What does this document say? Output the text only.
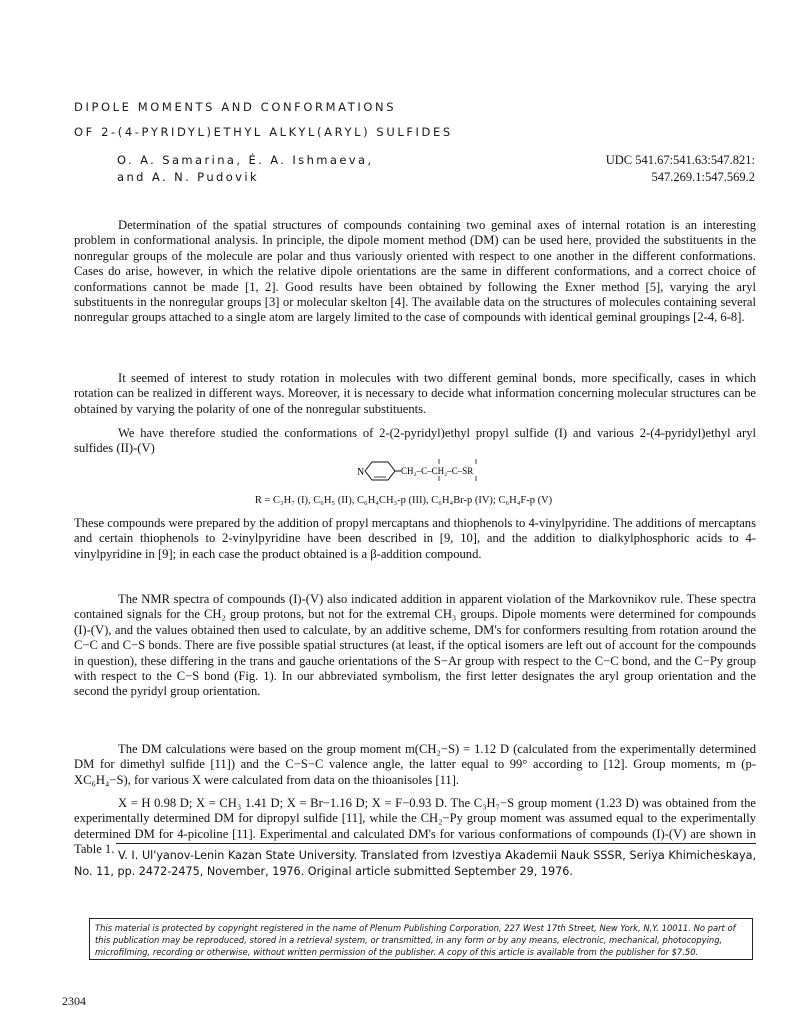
DIPOLE MOMENTS AND CONFORMATIONS
OF 2-(4-PYRIDYL)ETHYL ALKYL(ARYL) SULFIDES
O. A. Samarina, É. A. Ishmaeva,
and A. N. Pudovik
UDC 541.67:541.63:547.821:
547.269.1:547.569.2

Determination of the spatial structures of compounds containing two geminal axes of internal rotation is an interesting problem in conformational analysis. In principle, the dipole moment method (DM) can be used here, provided the substituents in the nonregular groups of the molecule are polar and thus variously oriented with respect to one another in the different conformations. Cases do arise, however, in which the relative dipole orientations are the same in different conformations, and a correct choice of conformations cannot be made [1, 2]. Good results have been obtained by following the Exner method [5], varying the aryl substituents in the nonregular groups [3] or molecular skelton [4]. The available data on the structures of molecules containing several nonregular groups attached to a single atom are largely limited to the case of compounds with identical geminal groupings [2-4, 6-8].

It seemed of interest to study rotation in molecules with two different geminal bonds, more specifically, cases in which rotation can be realized in different ways. Moreover, it is necessary to decide what information concerning molecular structures can be obtained by varying the polarity of one of the nonregular substituents.

We have therefore studied the conformations of 2-(2-pyridyl)ethyl propyl sulfide (I) and various 2-(4-pyridyl)ethyl aryl sulfides (II)-(V)

N	CH₂–C–CH₂–C–SR
R = C₃H₇ (I), C₆H₅ (II), C₆H₄CH₃-p (III), C₆H₄Br-p (IV); C₆H₄F-p (V)

These compounds were prepared by the addition of propyl mercaptans and thiophenols to 4-vinylpyridine. The additions of mercaptans and certain thiophenols to 2-vinylpyridine have been described in [9, 10], and the addition to dialkylphosphoric acids to 4-vinylpyridine in [9]; in each case the product obtained is a β-addition compound.

The NMR spectra of compounds (I)-(V) also indicated addition in apparent violation of the Markovnikov rule. These spectra contained signals for the CH₂ group protons, but not for the extremal CH₃ groups. Dipole moments were determined for compounds (I)-(V), and the values obtained then used to calculate, by an additive scheme, DM's for conformers resulting from rotation around the C−C and C−S bonds. There are five possible spatial structures (at least, if the optical isomers are left out of account for the compounds in question), these differing in the trans and gauche orientations of the S−Ar group with respect to the C−C bond, and the C−Py group with respect to the C−S bond (Fig. 1). In our abbreviated symbolism, the first letter designates the aryl group orientation and the second the pyridyl group orientation.

The DM calculations were based on the group moment m(CH₂−S) = 1.12 D (calculated from the experimentally determined DM for dimethyl sulfide [11]) and the C−S−C valence angle, the latter equal to 99° according to [12]. Group moments, m (p-XC₆H₄−S), for various X were calculated from data on the thioanisoles [11].

X = H 0.98 D; X = CH₃ 1.41 D; X = Br−1.16 D; X = F−0.93 D. The C₃H₇−S group moment (1.23 D) was obtained from the experimentally determined DM for dipropyl sulfide [11], while the CH₂−Py group moment was assumed equal to the experimentally determined DM for 4-picoline [11]. Experimental and calculated DM's for various conformations of compounds (I)-(V) are shown in Table 1. V. I. Ul'yanov-Lenin Kazan State University. Translated from Izvestiya Akademii Nauk SSSR, Seriya Khimicheskaya, No. 11, pp. 2472-2475, November, 1976. Original article submitted September 29, 1976.
This material is protected by copyright registered in the name of Plenum Publishing Corporation, 227 West 17th Street, New York, N.Y. 10011. No part of this publication may be reproduced, stored in a retrieval system, or transmitted, in any form or by any means, electronic, mechanical, photocopying, microfilming, recording or otherwise, without written permission of the publisher. A copy of this article is available from the publisher for $7.50.
2304
